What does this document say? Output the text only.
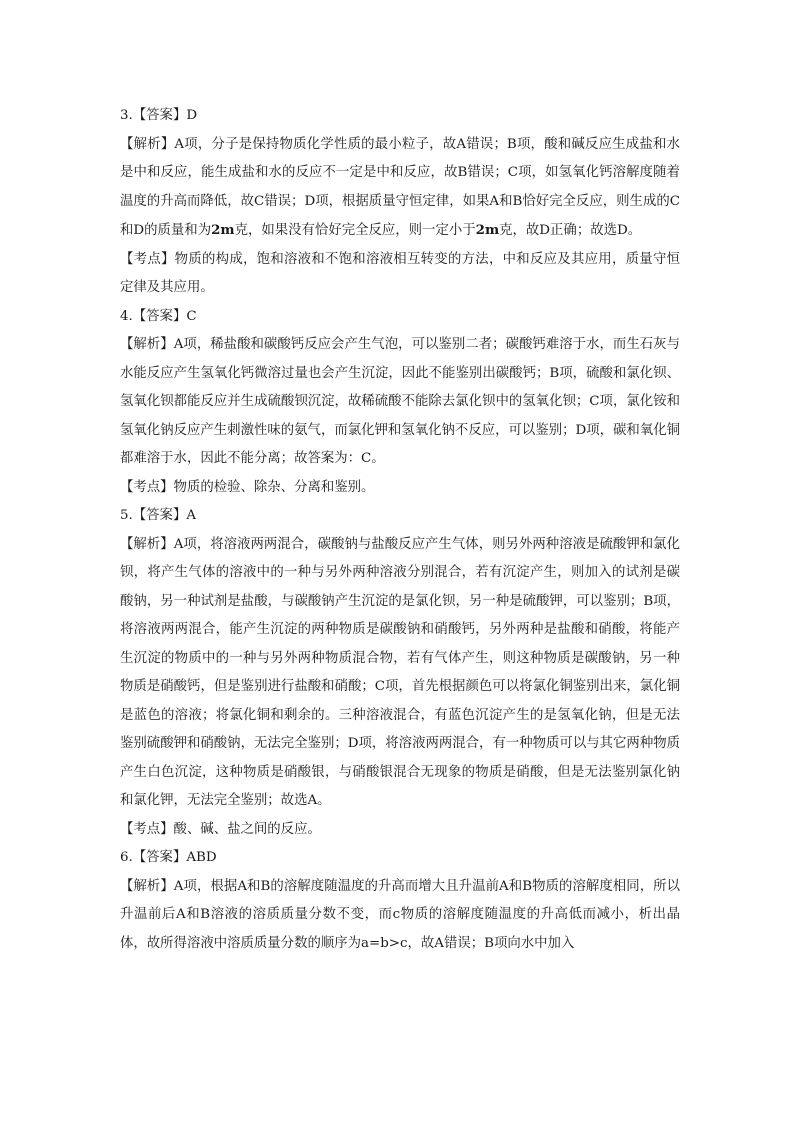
3.【答案】D

【解析】A项，分子是保持物质化学性质的最小粒子，故A错误；B项，酸和碱反应生成盐和水是中和反应，能生成盐和水的反应不一定是中和反应，故B错误；C项，如氢氧化钙溶解度随着温度的升高而降低，故C错误；D项，根据质量守恒定律，如果A和B恰好完全反应，则生成的C和D的质量和为2m克，如果没有恰好完全反应，则一定小于2m克，故D正确；故选D。

【考点】物质的构成，饱和溶液和不饱和溶液相互转变的方法，中和反应及其应用，质量守恒定律及其应用。

4.【答案】C

【解析】A项，稀盐酸和碳酸钙反应会产生气泡，可以鉴别二者；碳酸钙难溶于水，而生石灰与水能反应产生氢氧化钙微溶过量也会产生沉淀，因此不能鉴别出碳酸钙；B项，硫酸和氯化钡、氢氧化钡都能反应并生成硫酸钡沉淀，故稀硫酸不能除去氯化钡中的氢氧化钡；C项，氯化铵和氢氧化钠反应产生刺激性味的氨气，而氯化钾和氢氧化钠不反应，可以鉴别；D项，碳和氧化铜都难溶于水，因此不能分离；故答案为：C。

【考点】物质的检验、除杂、分离和鉴别。

5.【答案】A

【解析】A项，将溶液两两混合，碳酸钠与盐酸反应产生气体，则另外两种溶液是硫酸钾和氯化钡，将产生气体的溶液中的一种与另外两种溶液分别混合，若有沉淀产生，则加入的试剂是碳酸钠，另一种试剂是盐酸，与碳酸钠产生沉淀的是氯化钡，另一种是硫酸钾，可以鉴别；B项，将溶液两两混合，能产生沉淀的两种物质是碳酸钠和硝酸钙，另外两种是盐酸和硝酸，将能产生沉淀的物质中的一种与另外两种物质混合物，若有气体产生，则这种物质是碳酸钠，另一种物质是硝酸钙，但是鉴别进行盐酸和硝酸；C项，首先根据颜色可以将氯化铜鉴别出来，氯化铜是蓝色的溶液；将氯化铜和剩余的。三种溶液混合，有蓝色沉淀产生的是氢氧化钠，但是无法鉴别硫酸钾和硝酸钠，无法完全鉴别；D项，将溶液两两混合，有一种物质可以与其它两种物质产生白色沉淀，这种物质是硝酸银，与硝酸银混合无现象的物质是硝酸，但是无法鉴别氯化钠和氯化钾，无法完全鉴别；故选A。

【考点】酸、碱、盐之间的反应。

6.【答案】ABD

【解析】A项，根据A和B的溶解度随温度的升高而增大且升温前A和B物质的溶解度相同，所以升温前后A和B溶液的溶质质量分数不变，而c物质的溶解度随温度的升高低而减小，析出晶体，故所得溶液中溶质质量分数的顺序为a=b>c，故A错误；B项向水中加入
